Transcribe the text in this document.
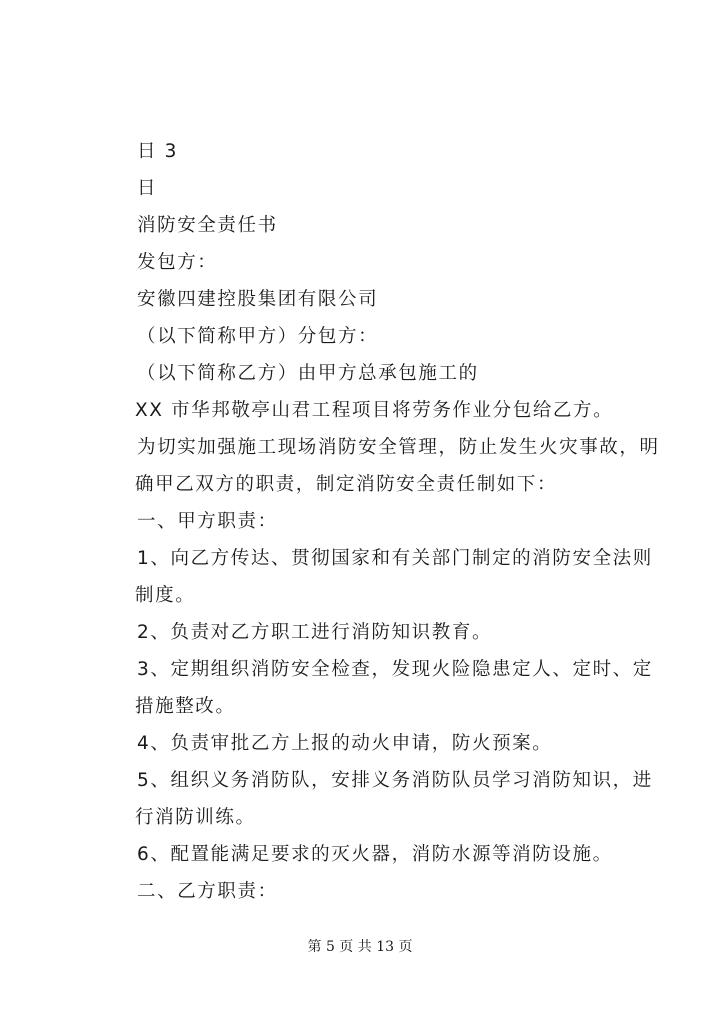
日 3
日
消防安全责任书
发包方：
安徽四建控股集团有限公司
（以下简称甲方）分包方：
（以下简称乙方）由甲方总承包施工的
XX 市华邦敬亭山君工程项目将劳务作业分包给乙方。
为切实加强施工现场消防安全管理，防止发生火灾事故，明
确甲乙双方的职责，制定消防安全责任制如下：
一、甲方职责：
1、向乙方传达、贯彻国家和有关部门制定的消防安全法则
制度。
2、负责对乙方职工进行消防知识教育。
3、定期组织消防安全检查，发现火险隐患定人、定时、定
措施整改。
4、负责审批乙方上报的动火申请，防火预案。
5、组织义务消防队，安排义务消防队员学习消防知识，进
行消防训练。
6、配置能满足要求的灭火器，消防水源等消防设施。
二、乙方职责：
第 5 页 共 13 页
